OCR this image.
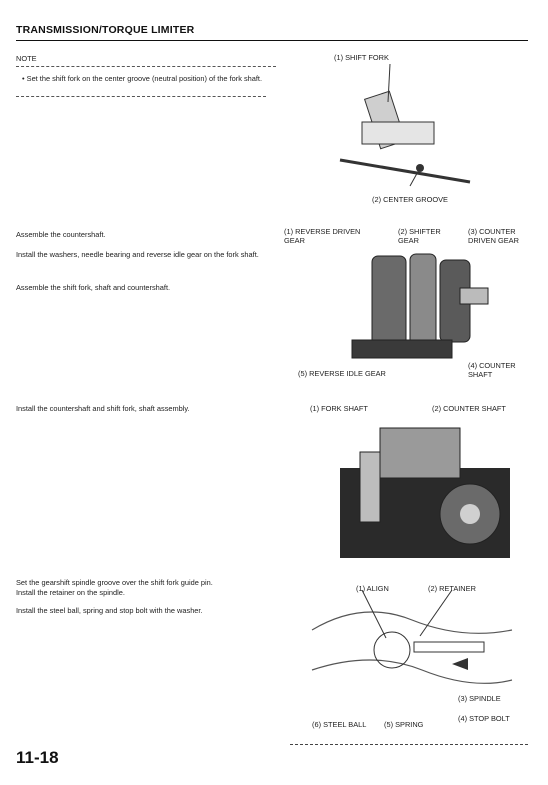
TRANSMISSION/TORQUE LIMITER
NOTE
• Set the shift fork on the center groove (neutral position) of the fork shaft.
(1) SHIFT FORK
(2) CENTER GROOVE
Assemble the countershaft.
Install the washers, needle bearing and reverse idle gear on the fork shaft.
Assemble the shift fork, shaft and countershaft.
(1) REVERSE DRIVEN GEAR
(2) SHIFTER GEAR
(3) COUNTER DRIVEN GEAR
(4) COUNTER SHAFT
(5) REVERSE IDLE GEAR
Install the countershaft and shift fork, shaft assembly.	(1) FORK SHAFT	(2) COUNTER SHAFT
Set the gearshift spindle groove over the shift fork guide pin.
Install the retainer on the spindle.
Install the steel ball, spring and stop bolt with the washer.
(1) ALIGN	(2) RETAINER
(3) SPINDLE
(4) STOP BOLT
(5) SPRING
(6) STEEL BALL
11-18
